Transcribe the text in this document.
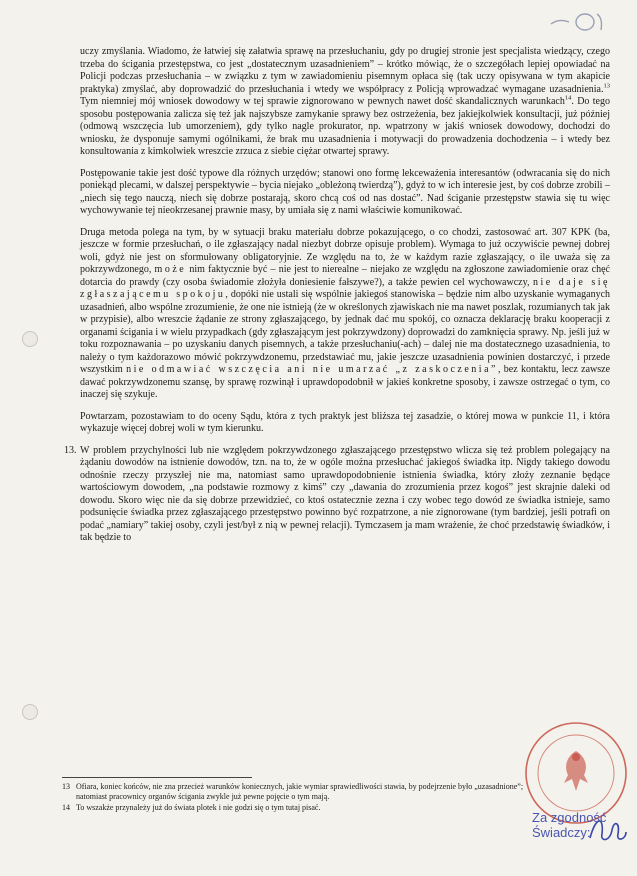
uczy zmyślania. Wiadomo, że łatwiej się załatwia sprawę na przesłuchaniu, gdy po drugiej stronie jest specjalista wiedzący, czego trzeba do ścigania przestępstwa, co jest „dostatecznym uzasadnieniem” – krótko mówiąc, że o szczegółach lepiej opowiadać na Policji podczas przesłuchania – w związku z tym w zawiadomieniu pisemnym opłaca się (tak uczy opisywana w tym akapicie praktyka) zmyślać, aby doprowadzić do przesłuchania i wtedy we współpracy z Policją wprowadzać wymagane uzasadnienia.$^{13}$ Tym niemniej mój wniosek dowodowy w tej sprawie zignorowano w pewnych nawet dość skandalicznych warunkach$^{14}$. Do tego sposobu postępowania zalicza się też jak najszybsze zamykanie sprawy bez ostrzeżenia, bez jakiejkolwiek konsultacji, już później (odmową wszczęcia lub umorzeniem), gdy tylko nagle prokurator, np. wpatrzony w jakiś wniosek dowodowy, dochodzi do wniosku, że dysponuje samymi ogólnikami, że brak mu uzasadnienia i motywacji do prowadzenia dochodzenia – i wtedy bez konsultowania z kimkolwiek wreszcie zrzuca z siebie ciężar otwartej sprawy.

Postępowanie takie jest dość typowe dla różnych urzędów; stanowi ono formę lekceważenia interesantów (odwracania się do nich poniekąd plecami, w dalszej perspektywie – bycia niejako „obleżoną twierdzą”), gdyż to w ich interesie jest, by coś dobrze zrobili – „niech się tego nauczą, niech się dobrze postarają, skoro chcą coś od nas dostać”. Nad ściganie przestępstw stawia się tu więc wychowywanie tej nieokrzesanej prawnie masy, by umiała się z nami właściwie komunikować.

Druga metoda polega na tym, by w sytuacji braku materiału dobrze pokazującego, o co chodzi, zastosować art. 307 KPK (ba, jeszcze w formie przesłuchań, o ile zgłaszający nadal niezbyt dobrze opisuje problem). Wymaga to już oczywiście pewnej dobrej woli, gdyż nie jest on sformułowany obligatoryjnie. Ze względu na to, że w każdym razie zgłaszający, o ile uważa się za pokrzywdzonego, może nim faktycznie być – nie jest to nierealne – niejako ze względu na zgłoszone zawiadomienie oraz chęć dotarcia do prawdy (czy osoba świadomie złożyła doniesienie fałszywe?), a także pewien cel wychowawczy, nie daje się zgłaszającemu spokoju, dopóki nie ustali się wspólnie jakiegoś stanowiska – będzie nim albo uzyskanie wymaganych uzasadnień, albo wspólne zrozumienie, że one nie istnieją (że w określonych zjawiskach nie ma nawet poszlak, rozumianych tak jak w przypisie), albo wreszcie żądanie ze strony zgłaszającego, by jednak dać mu spokój, co oznacza deklarację braku kooperacji z organami ścigania i w wielu przypadkach (gdy zgłaszającym jest pokrzywdzony) doprowadzi do zamknięcia sprawy. Np. jeśli już w toku rozpoznawania – po uzyskaniu danych pisemnych, a także przesłuchaniu(-ach) – dalej nie ma dostatecznego uzasadnienia, to należy o tym każdorazowo mówić pokrzywdzonemu, przedstawiać mu, jakie jeszcze uzasadnienia powinien dostarczyć, i przede wszystkim nie odmawiać wszczęcia ani nie umarzać „z zaskoczenia”, bez kontaktu, lecz zawsze dawać pokrzywdzonemu szansę, by sprawę rozwinął i uprawdopodobnił w jakieś konkretne sposoby, i zawsze ostrzegać o tym, co inaczej się szykuje.

Powtarzam, pozostawiam to do oceny Sądu, która z tych praktyk jest bliższa tej zasadzie, o której mowa w punkcie 11, i która wykazuje więcej dobrej woli w tym kierunku.

13. W problem przychylności lub nie względem pokrzywdzonego zgłaszającego przestępstwo wlicza się też problem polegający na żądaniu dowodów na istnienie dowodów, tzn. na to, że w ogóle można przesłuchać jakiegoś świadka itp. Nigdy takiego dowodu odnośnie rzeczy przyszłej nie ma, natomiast samo uprawdopodobnienie istnienia świadka, który złoży zeznanie będące wartościowym dowodem, „na podstawie rozmowy z kimś” czy „dawania do zrozumienia przez kogoś” jest skrajnie daleki od dowodu. Skoro więc nie da się dobrze przewidzieć, co ktoś ostatecznie zezna i czy wobec tego dowód ze świadka istnieje, samo podsunięcie świadka przez zgłaszającego przestępstwo powinno być rozpatrzone, a nie zignorowane (tym bardziej, jeśli potrafi on podać „namiary” takiej osoby, czyli jest/był z nią w pewnej relacji). Tymczasem ja mam wrażenie, że choć przedstawię świadków, i tak będzie to

13 Ofiara, koniec końców, nie zna przecież warunków koniecznych, jakie wymiar sprawiedliwości stawia, by podejrzenie było „uzasadnione”; natomiast pracownicy organów ścigania zwykle już pewne pojęcie o tym mają.
14 To wszakże przynależy już do świata plotek i nie godzi się o tym tutaj pisać.
Za zgodność
Świadczy:
